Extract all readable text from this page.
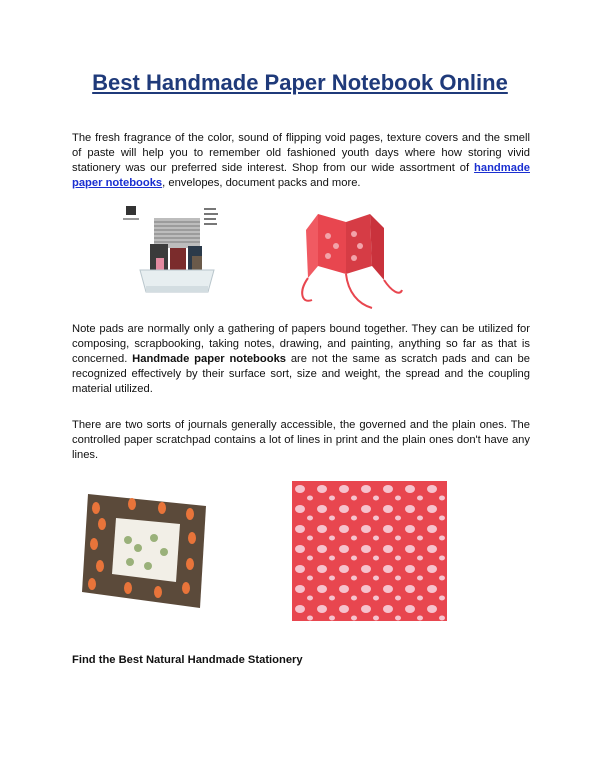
Best Handmade Paper Notebook Online

The fresh fragrance of the color, sound of flipping void pages, texture covers and the smell of paste will help you to remember old fashioned youth days where how storing vivid stationery was our preferred side interest. Shop from our wide assortment of handmade paper notebooks, envelopes, document packs and more.

Note pads are normally only a gathering of papers bound together. They can be utilized for composing, scrapbooking, taking notes, drawing, and painting, anything so far as that is concerned. Handmade paper notebooks are not the same as scratch pads and can be recognized effectively by their surface sort, size and weight, the spread and the coupling material utilized.

There are two sorts of journals generally accessible, the governed and the plain ones. The controlled paper scratchpad contains a lot of lines in print and the plain ones don't have any lines.

Find the Best Natural Handmade Stationery
